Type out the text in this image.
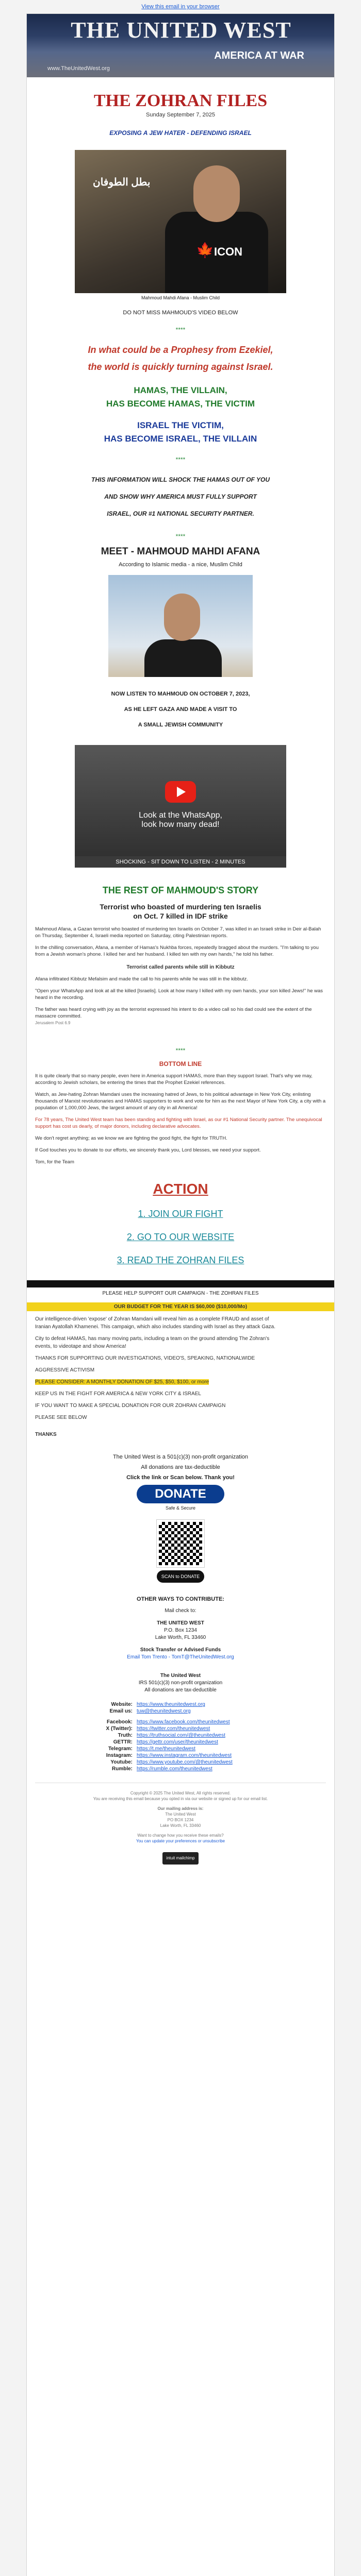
View this email in your browser
THE UNITED WEST
AMERICA AT WAR
www.TheUnitedWest.org
THE ZOHRAN FILES
Sunday September 7, 2025
EXPOSING A JEW HATER - DEFENDING ISRAEL
بطل الطوفان
🍁 ICON
Mahmoud Mahdi Afana - Muslim Child
DO NOT MISS MAHMOUD'S VIDEO BELOW
****
In what could be a Prophesy from Ezekiel,
the world is quickly turning against Israel.
HAMAS, THE VILLAIN,
HAS BECOME HAMAS, THE VICTIM
ISRAEL THE VICTIM,
HAS BECOME ISRAEL, THE VILLAIN
****
THIS INFORMATION WILL SHOCK THE HAMAS OUT OF YOU
AND SHOW WHY AMERICA MUST FULLY SUPPORT
ISRAEL, OUR #1 NATIONAL SECURITY PARTNER.
****
MEET - MAHMOUD MAHDI AFANA
According to Islamic media - a nice, Muslim Child
NOW LISTEN TO MAHMOUD ON OCTOBER 7, 2023,
AS HE LEFT GAZA AND MADE A VISIT TO
A SMALL JEWISH COMMUNITY
Look at the WhatsApp,
look how many dead!
SHOCKING - SIT DOWN TO LISTEN - 2 MINUTES
THE REST OF MAHMOUD'S STORY
Terrorist who boasted of murdering ten Israelis
on Oct. 7 killed in IDF strike

Mahmoud Afana, a Gazan terrorist who boasted of murdering ten Israelis on October 7, was killed in an Israeli strike in Deir al-Balah on Thursday, September 4, Israeli media reported on Saturday, citing Palestinian reports.

In the chilling conversation, Afana, a member of Hamas's Nukhba forces, repeatedly bragged about the murders. "I'm talking to you from a Jewish woman's phone. I killed her and her husband. I killed ten with my own hands," he told his father.

Terrorist called parents while still in Kibbutz

Afana infiltrated Kibbutz Mefalsim and made the call to his parents while he was still in the kibbutz.

"Open your WhatsApp and look at all the killed [Israelis]. Look at how many I killed with my own hands, your son killed Jews!" he was heard in the recording.

The father was heard crying with joy as the terrorist expressed his intent to do a video call so his dad could see the extent of the massacre committed.

Jerusalem Post 6.9
****
BOTTOM LINE

It is quite clearly that so many people, even here in America support HAMAS, more than they support Israel. That's why we may, according to Jewish scholars, be entering the times that the Prophet Ezekiel references.

Watch, as Jew-hating Zohran Mamdani uses the increasing hatred of Jews, to his political advantage in New York City, enlisting thousands of Marxist revolutionaries and HAMAS supporters to work and vote for him as the next Mayor of New York City, a city with a population of 1,000,000 Jews, the largest amount of any city in all America!

For 78 years, The United West team has been standing and fighting with Israel, as our #1 National Security partner. The unequivocal support has cost us dearly, of major donors, including declarative advocates.

We don't regret anything; as we know we are fighting the good fight, the fight for TRUTH.

If God touches you to donate to our efforts, we sincerely thank you, Lord blesses, we need your support.

Tom, for the Team

ACTION
1. JOIN OUR FIGHT
2. GO TO OUR WEBSITE
3. READ THE ZOHRAN FILES
PLEASE HELP SUPPORT OUR CAMPAIGN - THE ZOHRAN FILES
OUR BUDGET FOR THE YEAR IS $60,000 ($10,000/Mo)

Our intelligence-driven 'expose' of Zohran Mamdani will reveal him as a complete FRAUD and asset of
Iranian Ayatollah Khamenei. This campaign, which also includes standing with Israel as they attack Gaza.

City to defeat HAMAS, has many moving parts, including a team on the ground attending The Zohran's
events, to videotape and show America!

THANKS FOR SUPPORTING OUR INVESTIGATIONS, VIDEO'S, SPEAKING, NATIONALWIDE

AGGRESSIVE ACTIVISM

PLEASE CONSIDER: A MONTHLY DONATION OF $25, $50, $100, or more

KEEP US IN THE FIGHT FOR AMERICA & NEW YORK CITY & ISRAEL

IF YOU WANT TO MAKE A SPECIAL DONATION FOR OUR ZOHRAN CAMPAIGN

PLEASE SEE BELOW

THANKS

The United West is a 501(c)(3) non-profit organization
All donations are tax-deductible
Click the link or Scan below. Thank you!
DONATE
Safe & Secure
SCAN to DONATE
OTHER WAYS TO CONTRIBUTE:
Mail check to:
THE UNITED WEST
P.O. Box 1234
Lake Worth, FL 33460
Stock Transfer or Advised Funds
Email Tom Trento - TomT@TheUnitedWest.org
The United West
IRS 501(c)(3) non-profit organization
All donations are tax-deductible
Website: https://www.theunitedwest.org
Email us: tuw@theunitedwest.org
Facebook: https://www.facebook.com/theunitedwest
X (Twitter): https://twitter.com/theunitedwest
Truth: https://truthsocial.com/@theunitedwest
GETTR: https://gettr.com/user/theunitedwest
Telegram: https://t.me/theunitedwest
Instagram: https://www.instagram.com/theunitedwest
Youtube: https://www.youtube.com/@theunitedwest
Rumble: https://rumble.com/theunitedwest
Copyright © 2025 The United West, All rights reserved.
You are receiving this email because you opted in via our website or signed up for our email list.
Our mailing address is:
The United West
PO BOX 1234
Lake Worth, FL 33460
Want to change how you receive these emails?
You can update your preferences or unsubscribe
intuit mailchimp
